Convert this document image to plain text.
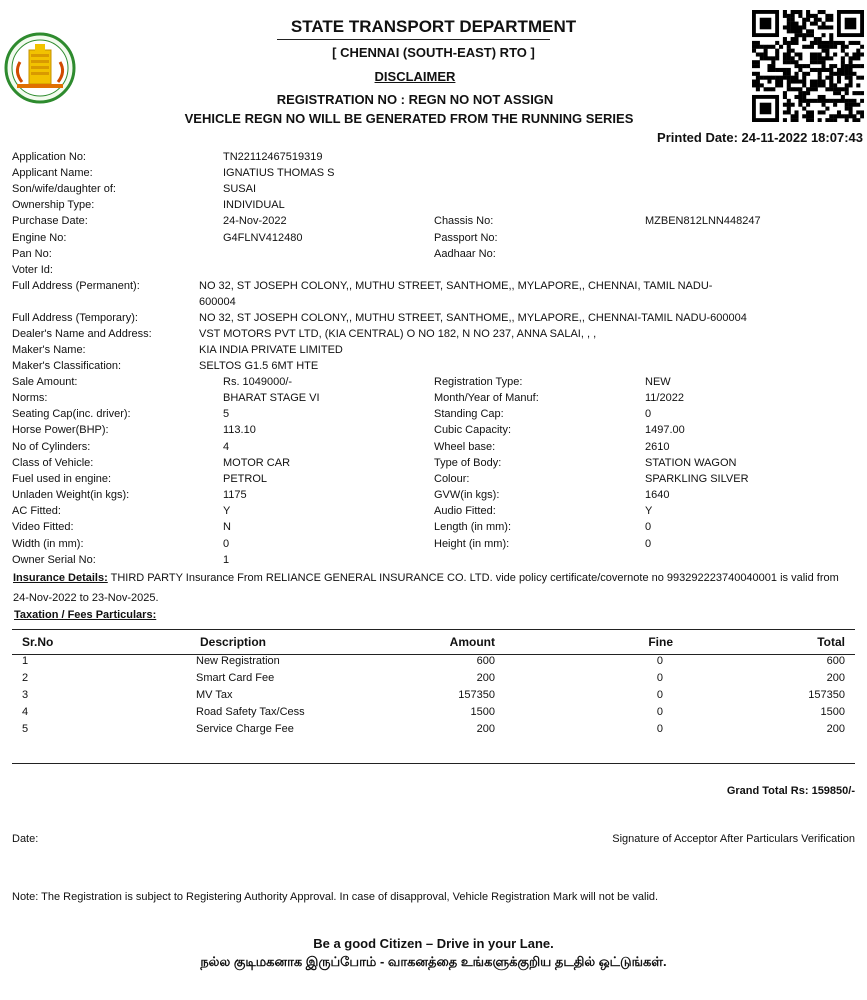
STATE TRANSPORT DEPARTMENT
[ CHENNAI (SOUTH-EAST) RTO ]
DISCLAIMER
REGISTRATION NO : REGN NO NOT ASSIGN
VEHICLE REGN NO WILL BE GENERATED FROM THE RUNNING SERIES
Printed Date: 24-11-2022 18:07:43
Application No:	TN22112467519319
Applicant Name:	IGNATIUS THOMAS S
Son/wife/daughter of:	SUSAI
Ownership Type:	INDIVIDUAL
Purchase Date:	24-Nov-2022	Chassis No:	MZBEN812LNN448247
Engine No:	G4FLNV412480	Passport No:
Pan No:	Aadhaar No:
Voter Id:
Full Address (Permanent):	NO 32, ST JOSEPH COLONY,, MUTHU STREET, SANTHOME,, MYLAPORE,, CHENNAI, TAMIL NADU-
600004
Full Address (Temporary):	NO 32, ST JOSEPH COLONY,, MUTHU STREET, SANTHOME,, MYLAPORE,, CHENNAI-TAMIL NADU-600004
Dealer's Name and Address:	VST MOTORS PVT LTD, (KIA CENTRAL) O NO 182, N NO 237, ANNA SALAI, , ,
Maker's Name:	KIA INDIA PRIVATE LIMITED
Maker's Classification:	SELTOS G1.5 6MT HTE
Sale Amount:	Rs. 1049000/-	Registration Type:	NEW
Norms:	BHARAT STAGE VI	Month/Year of Manuf:	11/2022
Seating Cap(inc. driver):	5	Standing Cap:	0
Horse Power(BHP):	113.10	Cubic Capacity:	1497.00
No of Cylinders:	4	Wheel base:	2610
Class of Vehicle:	MOTOR CAR	Type of Body:	STATION WAGON
Fuel used in engine:	PETROL	Colour:	SPARKLING SILVER
Unladen Weight(in kgs):	1175	GVW(in kgs):	1640
AC Fitted:	Y	Audio Fitted:	Y
Video Fitted:	N	Length (in mm):	0
Width (in mm):	0	Height (in mm):	0
Owner Serial No:	1
Insurance Details: THIRD PARTY Insurance From RELIANCE GENERAL INSURANCE CO. LTD. vide policy certificate/covernote no 993292223740040001 is valid from
24-Nov-2022 to 23-Nov-2025.
Taxation / Fees Particulars:
Sr.No	Description	Amount	Fine	Total
1	New Registration	600	0	600
2	Smart Card Fee	200	0	200
3	MV Tax	157350	0	157350
4	Road Safety Tax/Cess	1500	0	1500
5	Service Charge Fee	200	0	200
Grand Total Rs: 159850/-
Date:	Signature of Acceptor After Particulars Verification
Note: The Registration is subject to Registering Authority Approval. In case of disapproval, Vehicle Registration Mark will not be valid.
Be a good Citizen – Drive in your Lane.
நல்ல குடிமகனாக இருப்போம் - வாகனத்தை உங்களுக்குறிய தடதில் ஒட்டுங்கள்.
